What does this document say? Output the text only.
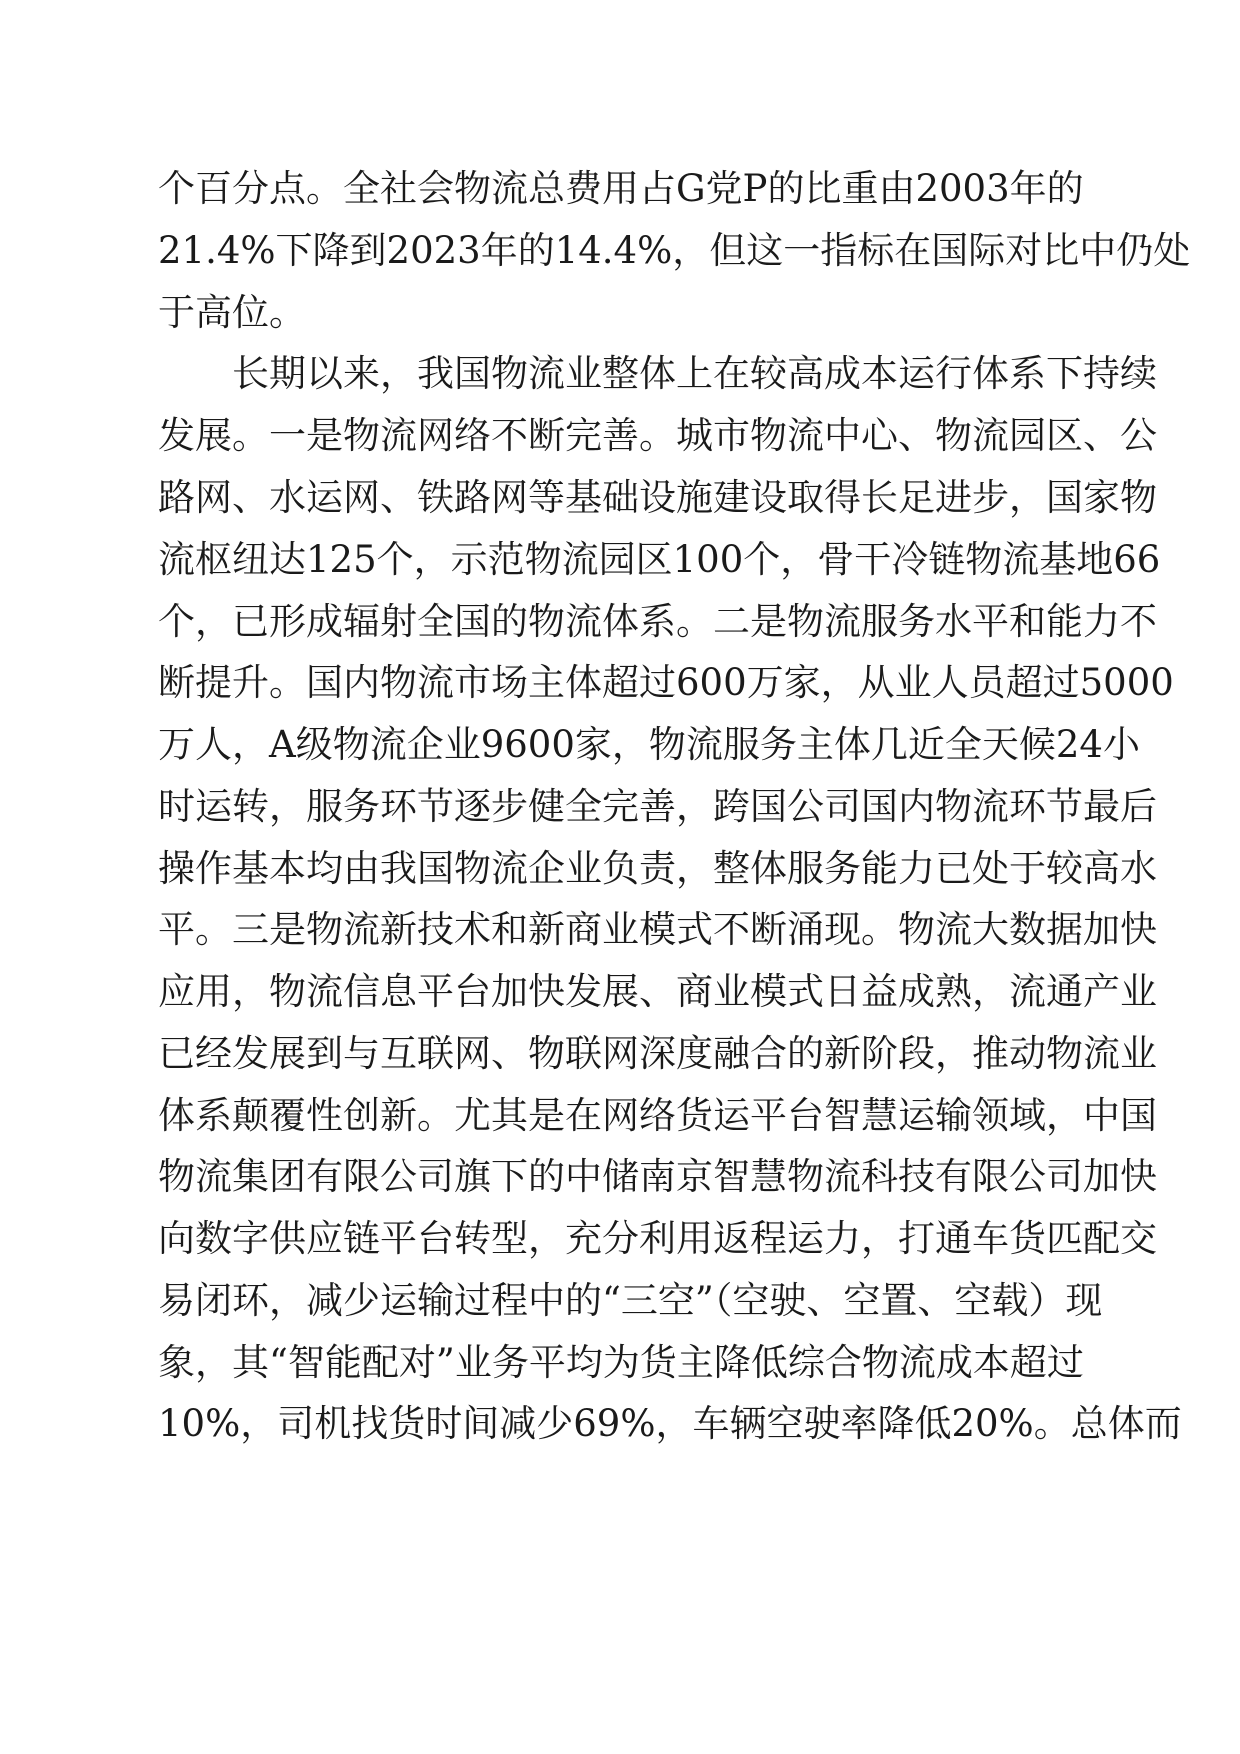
个百分点。全社会物流总费用占G党P的比重由2003年的
21.4%下降到2023年的14.4%，但这一指标在国际对比中仍处
于高位。
长期以来，我国物流业整体上在较高成本运行体系下持续
发展。一是物流网络不断完善。城市物流中心、物流园区、公
路网、水运网、铁路网等基础设施建设取得长足进步，国家物
流枢纽达125个，示范物流园区100个，骨干冷链物流基地66
个，已形成辐射全国的物流体系。二是物流服务水平和能力不
断提升。国内物流市场主体超过600万家，从业人员超过5000
万人，A级物流企业9600家，物流服务主体几近全天候24小
时运转，服务环节逐步健全完善，跨国公司国内物流环节最后
操作基本均由我国物流企业负责，整体服务能力已处于较高水
平。三是物流新技术和新商业模式不断涌现。物流大数据加快
应用，物流信息平台加快发展、商业模式日益成熟，流通产业
已经发展到与互联网、物联网深度融合的新阶段，推动物流业
体系颠覆性创新。尤其是在网络货运平台智慧运输领域，中国
物流集团有限公司旗下的中储南京智慧物流科技有限公司加快
向数字供应链平台转型，充分利用返程运力，打通车货匹配交
易闭环，减少运输过程中的“三空”（空驶、空置、空载）现
象，其“智能配对”业务平均为货主降低综合物流成本超过
10%，司机找货时间减少69%，车辆空驶率降低20%。总体而
